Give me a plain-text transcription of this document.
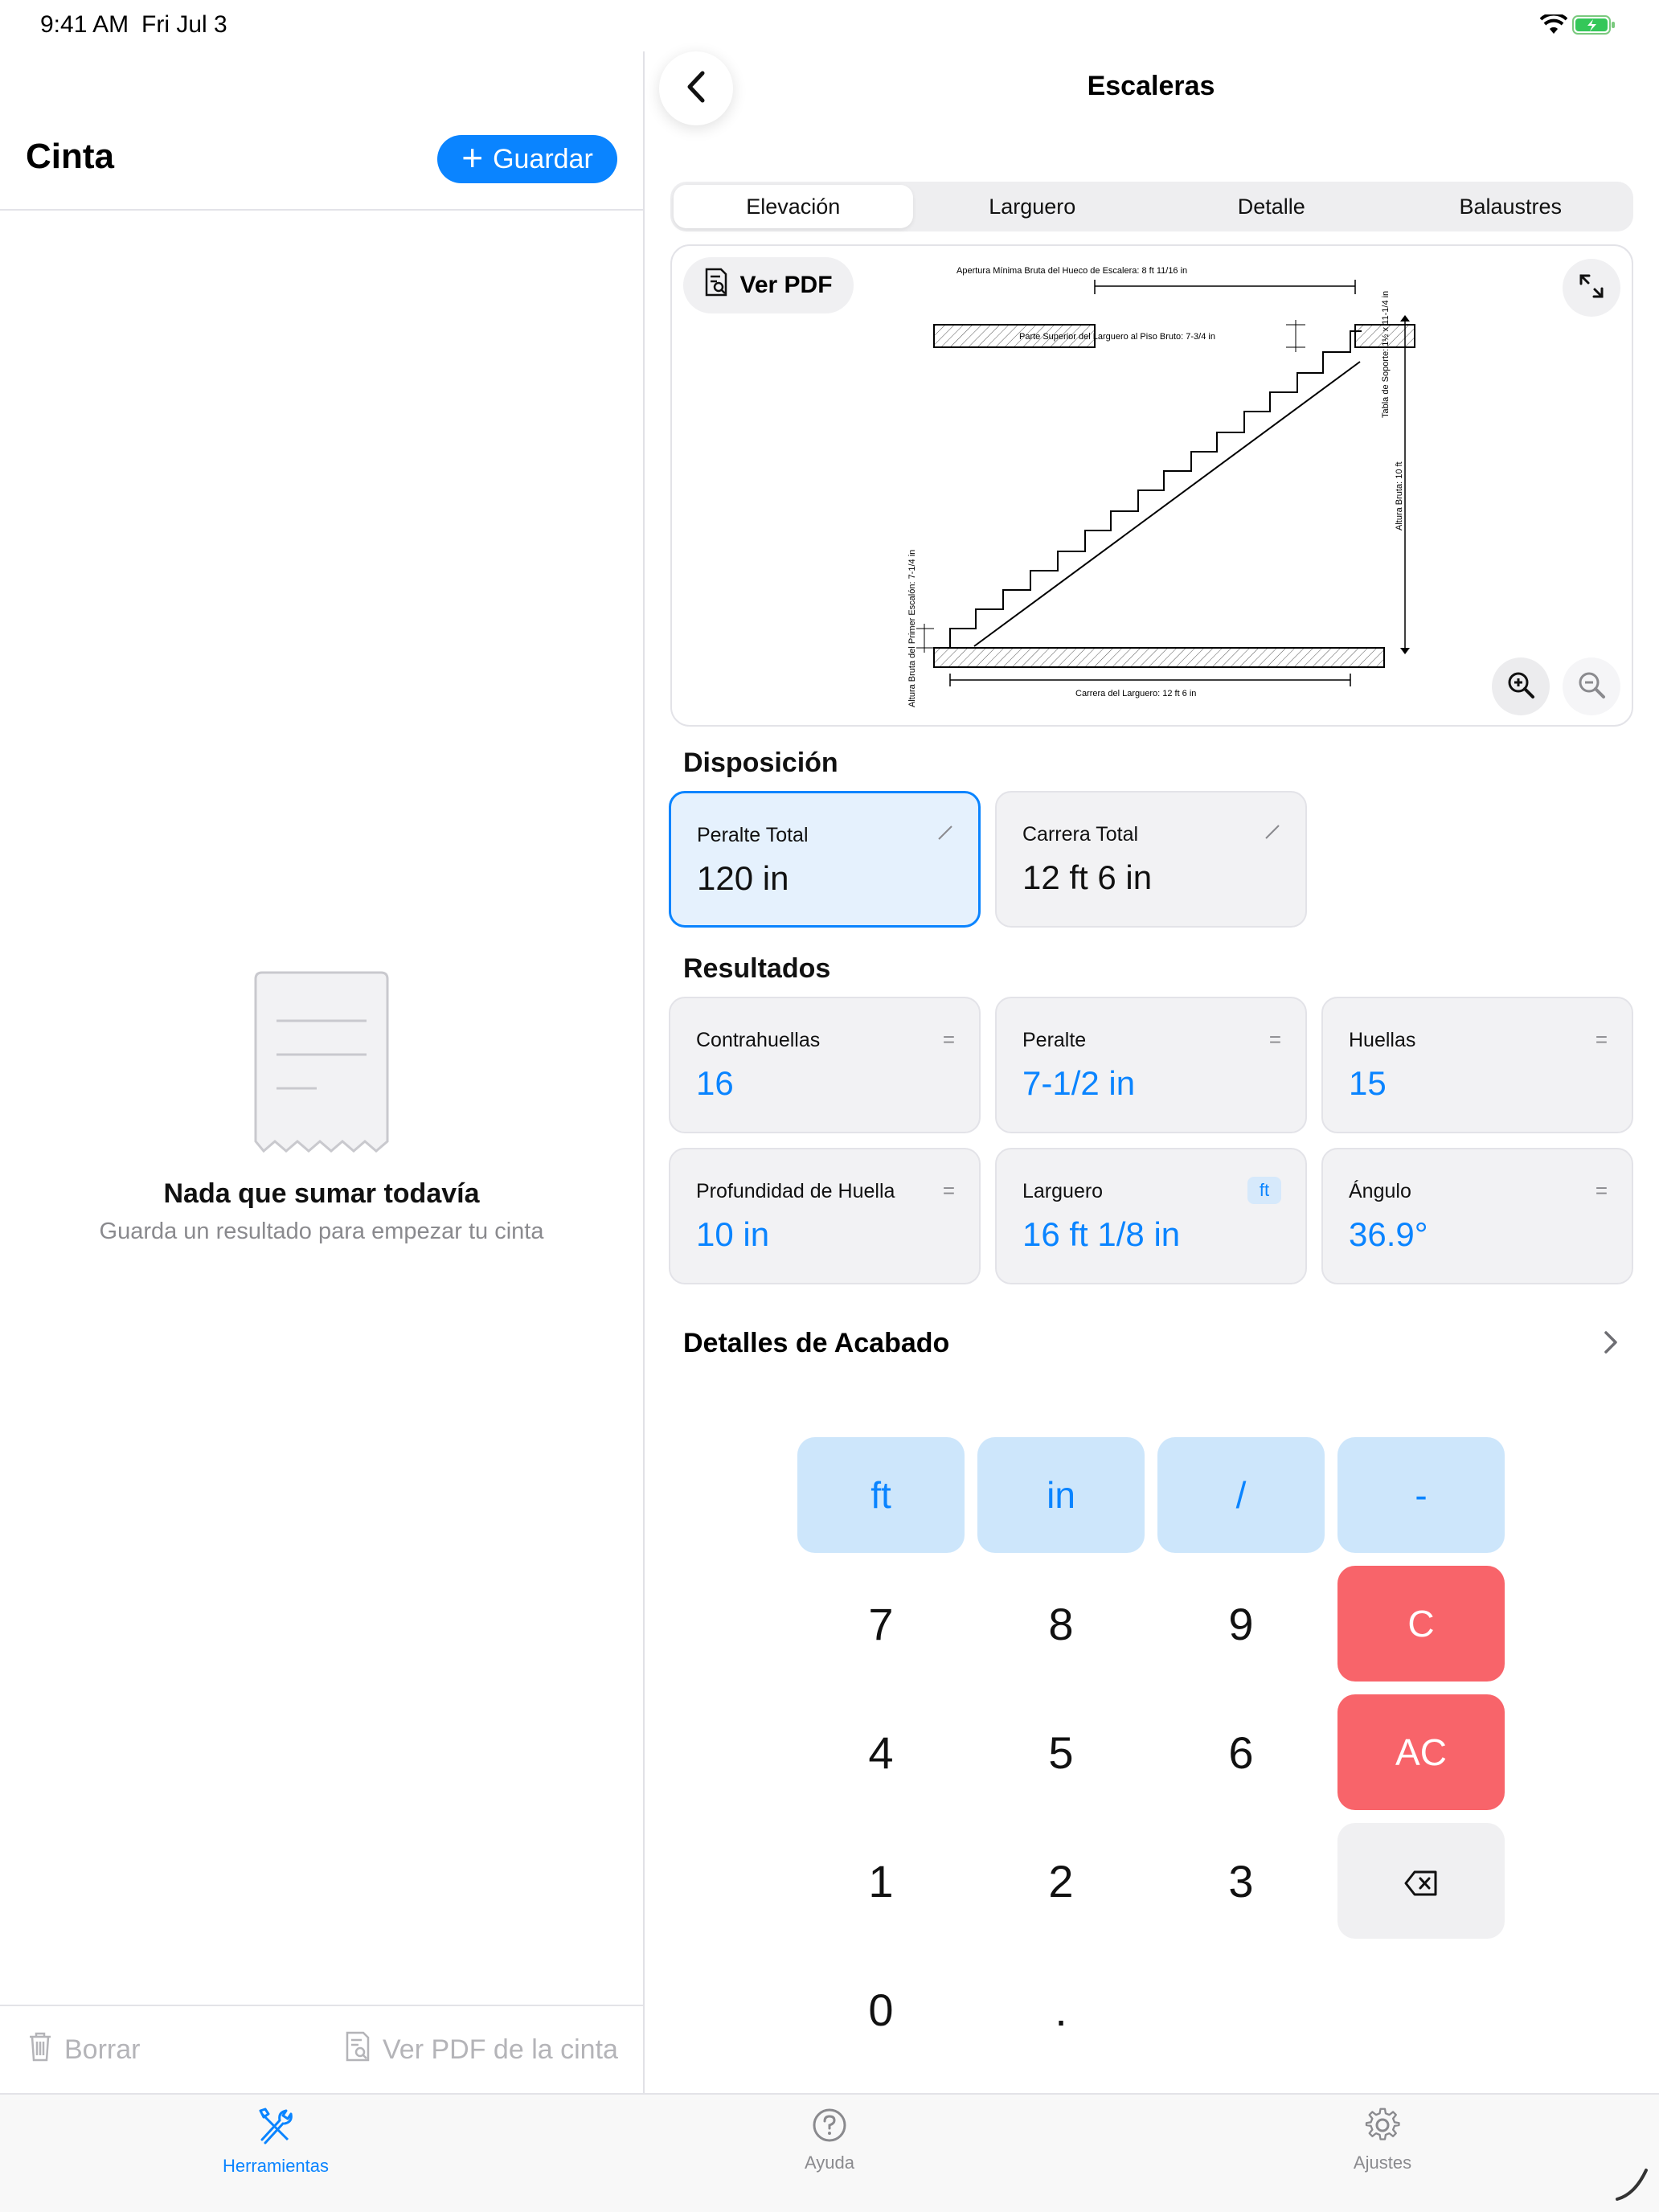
9:41 AM Fri Jul 3
Cinta	+ Guardar
Nada que sumar todavía
Guarda un resultado para empezar tu cinta
Borrar	Ver PDF de la cinta
Escaleras
Elevación	Larguero	Detalle	Balaustres
Apertura Mínima Bruta del Hueco de Escalera: 8 ft 11/16 in
Parte Superior del Larguero al Piso Bruto: 7-3/4 in
Altura Bruta: 10 ft
Tabla de Soporte: 1½ x 11-1/4 in
Altura Bruta del Primer Escalón: 7-1/4 in	Carrera del Larguero: 12 ft 6 in
Ver PDF
Disposición
Peralte Total
120 in
Carrera Total
12 ft 6 in
Resultados
Contrahuellas
16
=	Peralte
7-1/2 in
=	Huellas
15
=
Profundidad de Huella
10 in
=	Larguero
16 ft 1/8 in
ft	Ángulo
36.9°
=
Detalles de Acabado
ft	in	/	-
7	8	9	C
4	5	6	AC
1	2	3
0	.
Herramientas	Ayuda	Ajustes
